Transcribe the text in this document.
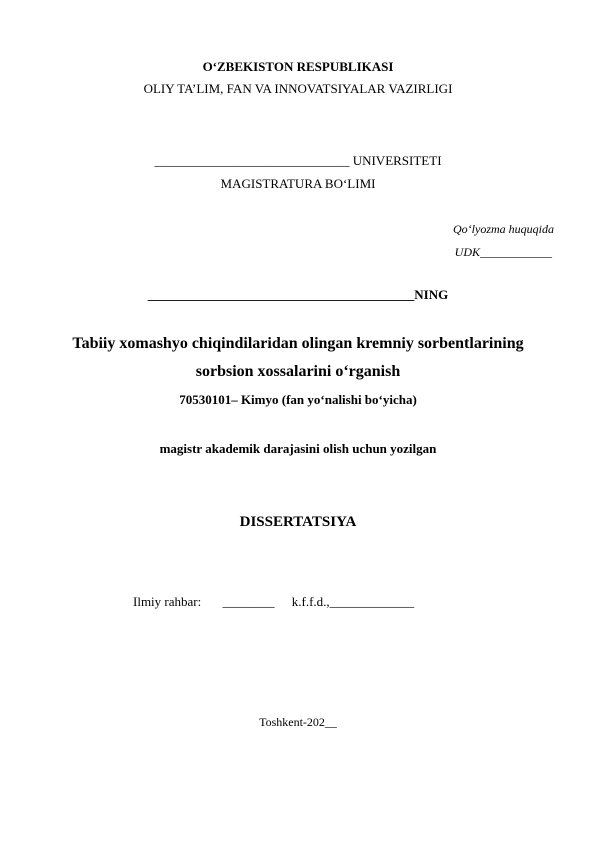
O‘ZBEKISTON RESPUBLIKASI
OLIY TA’LIM, FAN VA INNOVATSIYALAR VAZIRLIGI
______________________________ UNIVERSITETI
MAGISTRATURA BO‘LIMI
Qo‘lyozma huquqida
UDK____________
_________________________________________NING
Tabiiy xomashyo chiqindilaridan olingan kremniy sorbentlarining
sorbsion xossalarini o‘rganish
70530101– Kimyo (fan yo‘nalishi bo‘yicha)
magistr akademik darajasini olish uchun yozilgan
DISSERTATSIYA
Ilmiy rahbar: ________ k.f.f.d.,_____________
Toshkent-202__
